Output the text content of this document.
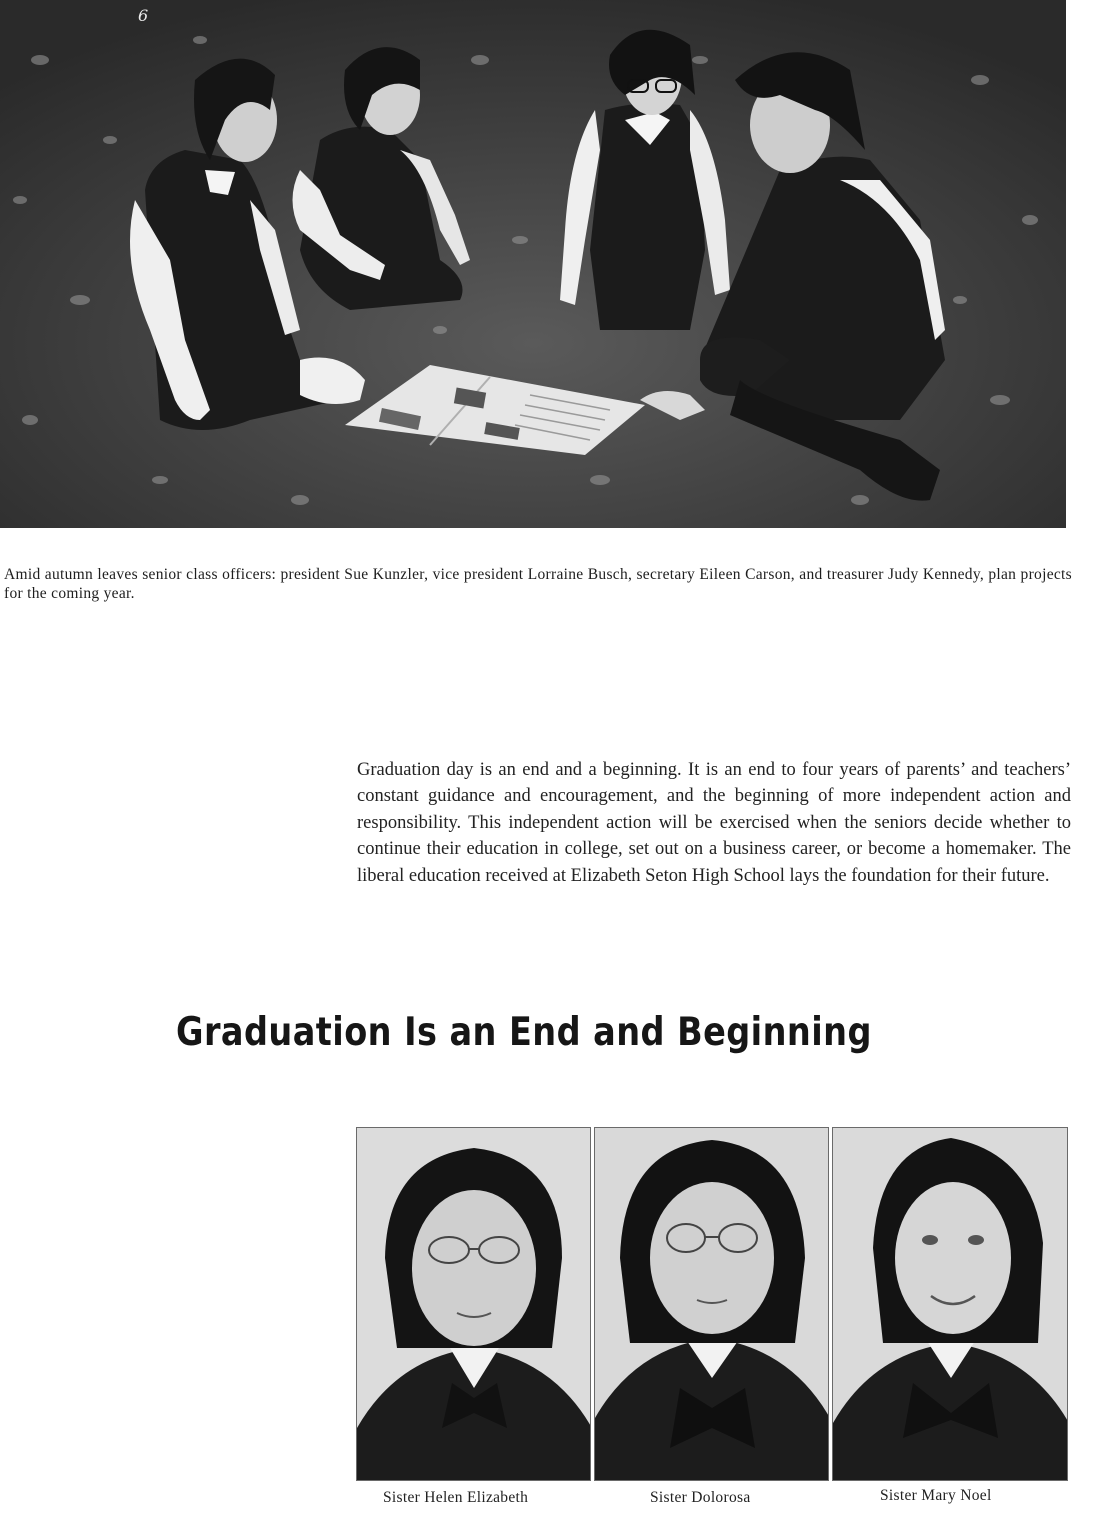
6

Amid autumn leaves senior class officers: president Sue Kunzler, vice president Lorraine Busch, secretary Eileen Carson, and treasurer Judy Kennedy, plan projects for the coming year.

Graduation day is an end and a beginning. It is an end to four years of parents’ and teachers’ constant guidance and encouragement, and the beginning of more independent action and responsibility. This independent action will be exercised when the seniors decide whether to continue their education in college, set out on a business career, or become a homemaker. The liberal education received at Elizabeth Seton High School lays the foundation for their future.

Graduation Is an End and Beginning
Sister Helen Elizabeth	Sister Dolorosa	Sister Mary Noel
